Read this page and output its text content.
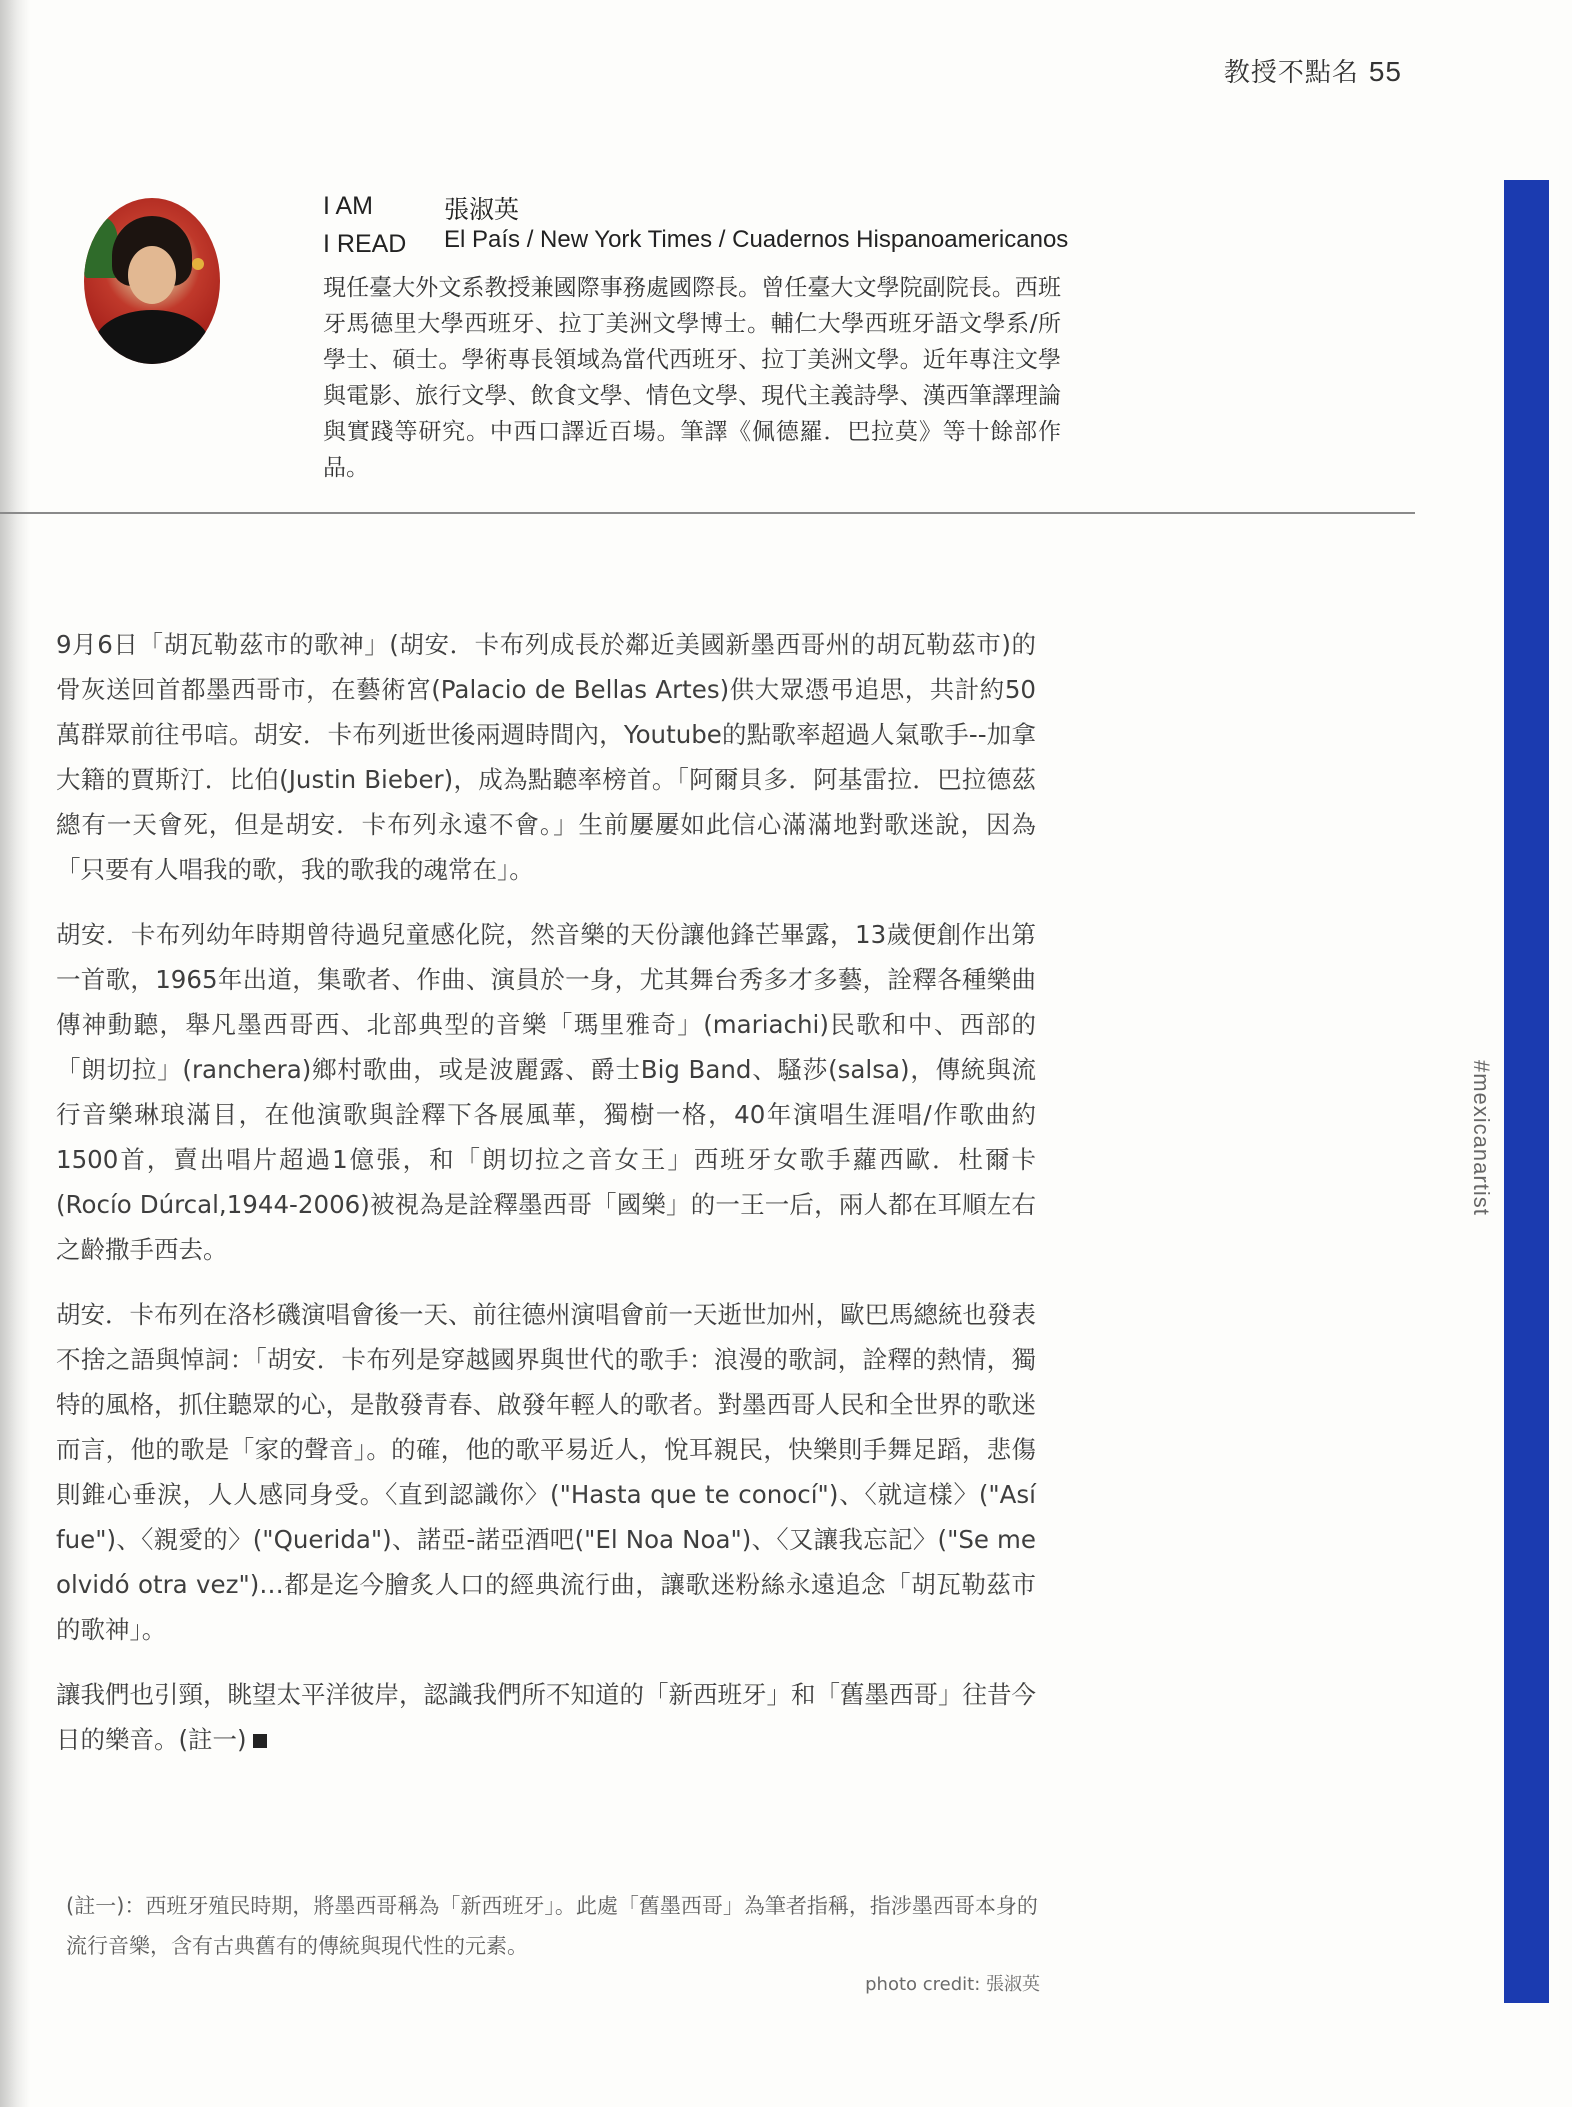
教授不點名 55
#mexicanartist
I AM	張淑英
I READ El País / New York Times / Cuadernos Hispanoamericanos
現任臺大外文系教授兼國際事務處國際長。曾任臺大文學院副院長。西班牙馬德里大學西班牙、拉丁美洲文學博士。輔仁大學西班牙語文學系/所學士、碩士。學術專長領域為當代西班牙、拉丁美洲文學。近年專注文學與電影、旅行文學、飲食文學、情色文學、現代主義詩學、漢西筆譯理論與實踐等研究。中西口譯近百場。筆譯《佩德羅．巴拉莫》等十餘部作品。

9月6日「胡瓦勒茲市的歌神」(胡安．卡布列成長於鄰近美國新墨西哥州的胡瓦勒茲市)的骨灰送回首都墨西哥市，在藝術宮(Palacio de Bellas Artes)供大眾憑弔追思，共計約50萬群眾前往弔唁。胡安．卡布列逝世後兩週時間內，Youtube的點歌率超過人氣歌手--加拿大籍的賈斯汀．比伯(Justin Bieber)，成為點聽率榜首。「阿爾貝多．阿基雷拉．巴拉德茲總有一天會死，但是胡安．卡布列永遠不會。」生前屢屢如此信心滿滿地對歌迷說，因為「只要有人唱我的歌，我的歌我的魂常在」。

胡安．卡布列幼年時期曾待過兒童感化院，然音樂的天份讓他鋒芒畢露，13歲便創作出第一首歌，1965年出道，集歌者、作曲、演員於一身，尤其舞台秀多才多藝，詮釋各種樂曲傳神動聽，舉凡墨西哥西、北部典型的音樂「瑪里雅奇」(mariachi)民歌和中、西部的「朗切拉」(ranchera)鄉村歌曲，或是波麗露、爵士Big Band、騷莎(salsa)，傳統與流行音樂琳琅滿目，在他演歌與詮釋下各展風華，獨樹一格，40年演唱生涯唱/作歌曲約1500首，賣出唱片超過1億張，和「朗切拉之音女王」西班牙女歌手蘿西歐．杜爾卡(Rocío Dúrcal,1944-2006)被視為是詮釋墨西哥「國樂」的一王一后，兩人都在耳順左右之齡撒手西去。

胡安．卡布列在洛杉磯演唱會後一天、前往德州演唱會前一天逝世加州，歐巴馬總統也發表不捨之語與悼詞：「胡安．卡布列是穿越國界與世代的歌手：浪漫的歌詞，詮釋的熱情，獨特的風格，抓住聽眾的心，是散發青春、啟發年輕人的歌者。對墨西哥人民和全世界的歌迷而言，他的歌是「家的聲音」。的確，他的歌平易近人，悅耳親民，快樂則手舞足蹈，悲傷則錐心垂淚，人人感同身受。〈直到認識你〉("Hasta que te conocí")、〈就這樣〉("Así fue")、〈親愛的〉("Querida")、諾亞-諾亞酒吧("El Noa Noa")、〈又讓我忘記〉("Se me olvidó otra vez")…都是迄今膾炙人口的經典流行曲，讓歌迷粉絲永遠追念「胡瓦勒茲市的歌神」。

讓我們也引頸，眺望太平洋彼岸，認識我們所不知道的「新西班牙」和「舊墨西哥」往昔今日的樂音。(註一)

(註一)：西班牙殖民時期，將墨西哥稱為「新西班牙」。此處「舊墨西哥」為筆者指稱，指涉墨西哥本身的流行音樂，含有古典舊有的傳統與現代性的元素。
photo credit: 張淑英
